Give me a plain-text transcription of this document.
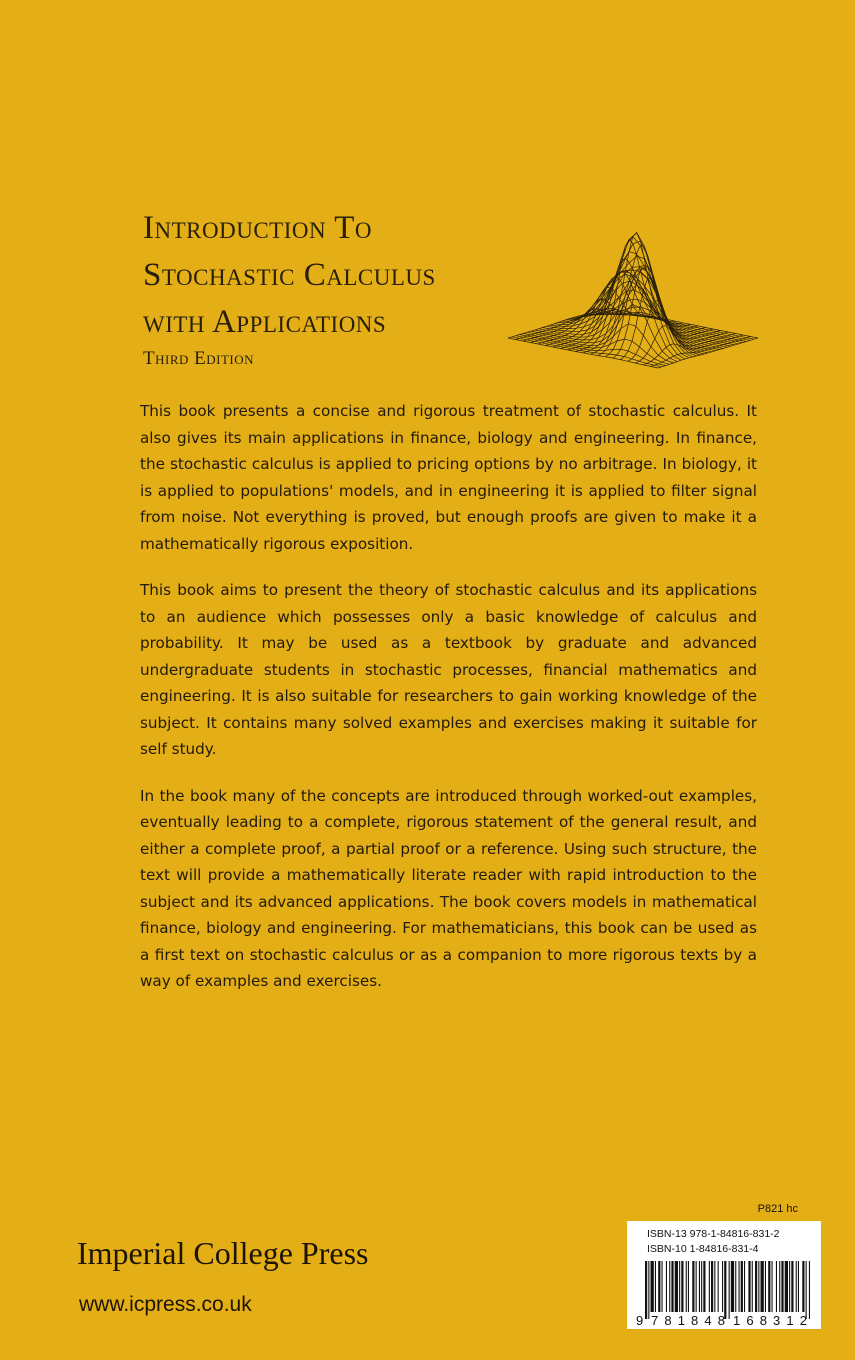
Introduction To
Stochastic Calculus
with Applications
Third Edition

This book presents a concise and rigorous treatment of stochastic calculus. It also gives its main applications in finance, biology and engineering. In finance, the stochastic calculus is applied to pricing options by no arbitrage. In biology, it is applied to populations' models, and in engineering it is applied to filter signal from noise. Not everything is proved, but enough proofs are given to make it a mathematically rigorous exposition.

This book aims to present the theory of stochastic calculus and its applications to an audience which possesses only a basic knowledge of calculus and probability. It may be used as a textbook by graduate and advanced undergraduate students in stochastic processes, financial mathematics and engineering. It is also suitable for researchers to gain working knowledge of the subject. It contains many solved examples and exercises making it suitable for self study.

In the book many of the concepts are introduced through worked-out examples, eventually leading to a complete, rigorous statement of the general result, and either a complete proof, a partial proof or a reference. Using such structure, the text will provide a mathematically literate reader with rapid introduction to the subject and its advanced applications. The book covers models in mathematical finance, biology and engineering. For mathematicians, this book can be used as a first text on stochastic calculus or as a companion to more rigorous texts by a way of examples and exercises.

Imperial College Press
www.icpress.co.uk
P821 hc
ISBN-13 978-1-84816-831-2
ISBN-10 1-84816-831-4
9 781848 168312
